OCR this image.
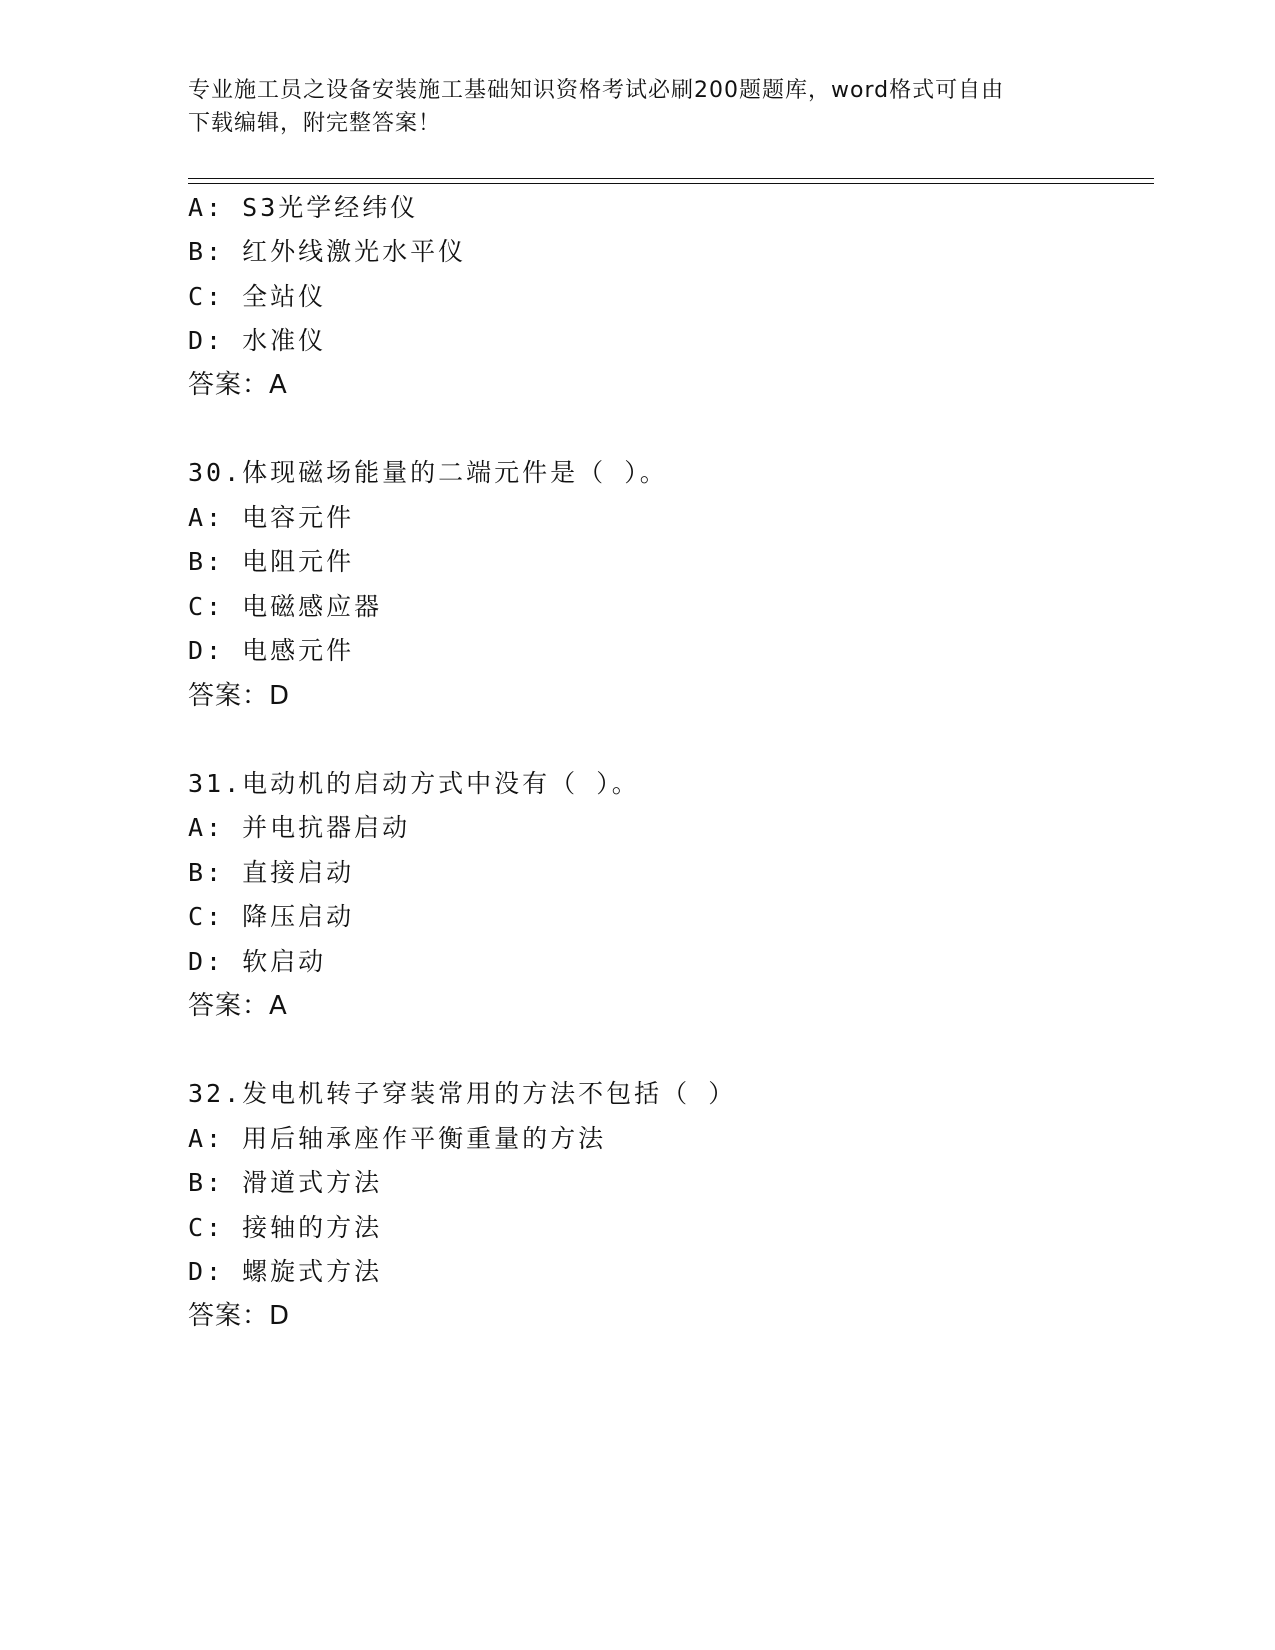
专业施工员之设备安装施工基础知识资格考试必刷200题题库，word格式可自由
下载编辑，附完整答案！
A: S3光学经纬仪
B: 红外线激光水平仪
C: 全站仪
D: 水准仪
答案：A
30.体现磁场能量的二端元件是（ ）。
A: 电容元件
B: 电阻元件
C: 电磁感应器
D: 电感元件
答案：D
31.电动机的启动方式中没有（ ）。
A: 并电抗器启动
B: 直接启动
C: 降压启动
D: 软启动
答案：A
32.发电机转子穿装常用的方法不包括（ ）
A: 用后轴承座作平衡重量的方法
B: 滑道式方法
C: 接轴的方法
D: 螺旋式方法
答案：D
